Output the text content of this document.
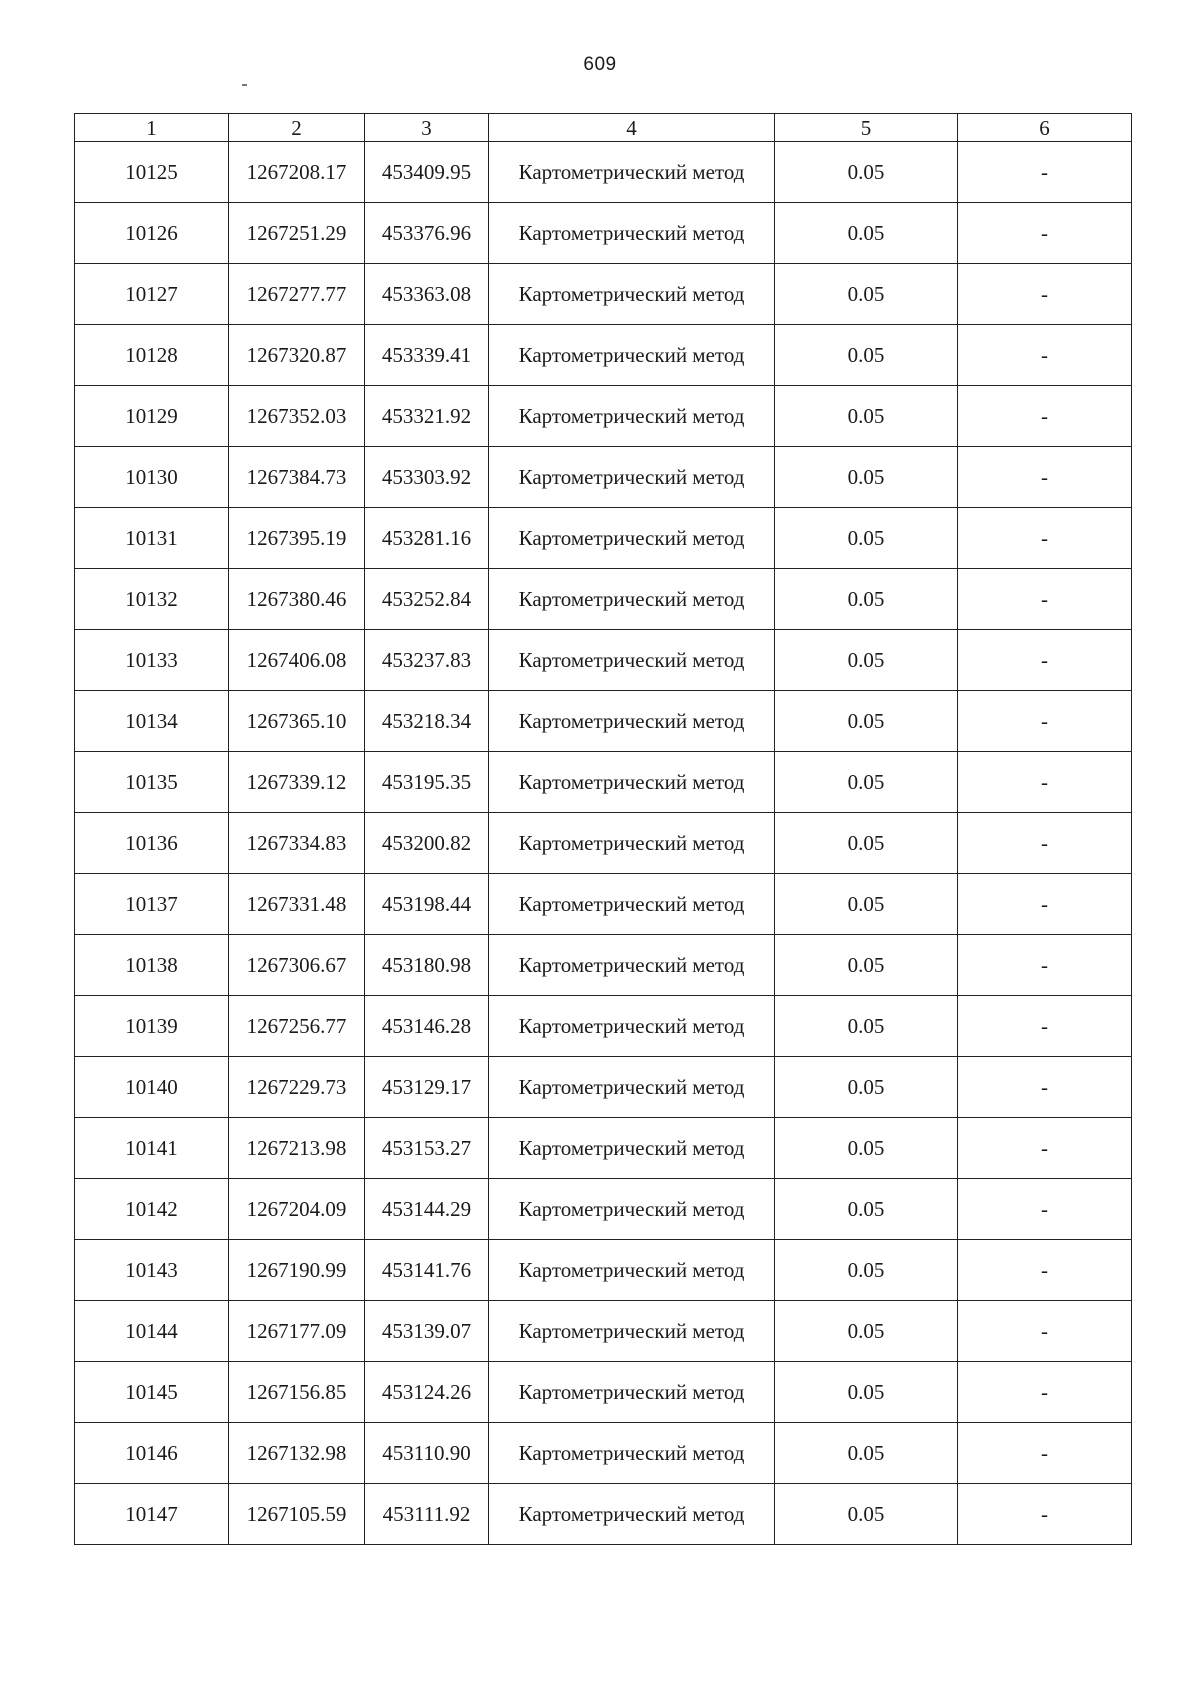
609
1	2	3	4	5	6
10125	1267208.17	453409.95	Картометрический метод	0.05	-
10126	1267251.29	453376.96	Картометрический метод	0.05	-
10127	1267277.77	453363.08	Картометрический метод	0.05	-
10128	1267320.87	453339.41	Картометрический метод	0.05	-
10129	1267352.03	453321.92	Картометрический метод	0.05	-
10130	1267384.73	453303.92	Картометрический метод	0.05	-
10131	1267395.19	453281.16	Картометрический метод	0.05	-
10132	1267380.46	453252.84	Картометрический метод	0.05	-
10133	1267406.08	453237.83	Картометрический метод	0.05	-
10134	1267365.10	453218.34	Картометрический метод	0.05	-
10135	1267339.12	453195.35	Картометрический метод	0.05	-
10136	1267334.83	453200.82	Картометрический метод	0.05	-
10137	1267331.48	453198.44	Картометрический метод	0.05	-
10138	1267306.67	453180.98	Картометрический метод	0.05	-
10139	1267256.77	453146.28	Картометрический метод	0.05	-
10140	1267229.73	453129.17	Картометрический метод	0.05	-
10141	1267213.98	453153.27	Картометрический метод	0.05	-
10142	1267204.09	453144.29	Картометрический метод	0.05	-
10143	1267190.99	453141.76	Картометрический метод	0.05	-
10144	1267177.09	453139.07	Картометрический метод	0.05	-
10145	1267156.85	453124.26	Картометрический метод	0.05	-
10146	1267132.98	453110.90	Картометрический метод	0.05	-
10147	1267105.59	453111.92	Картометрический метод	0.05	-
